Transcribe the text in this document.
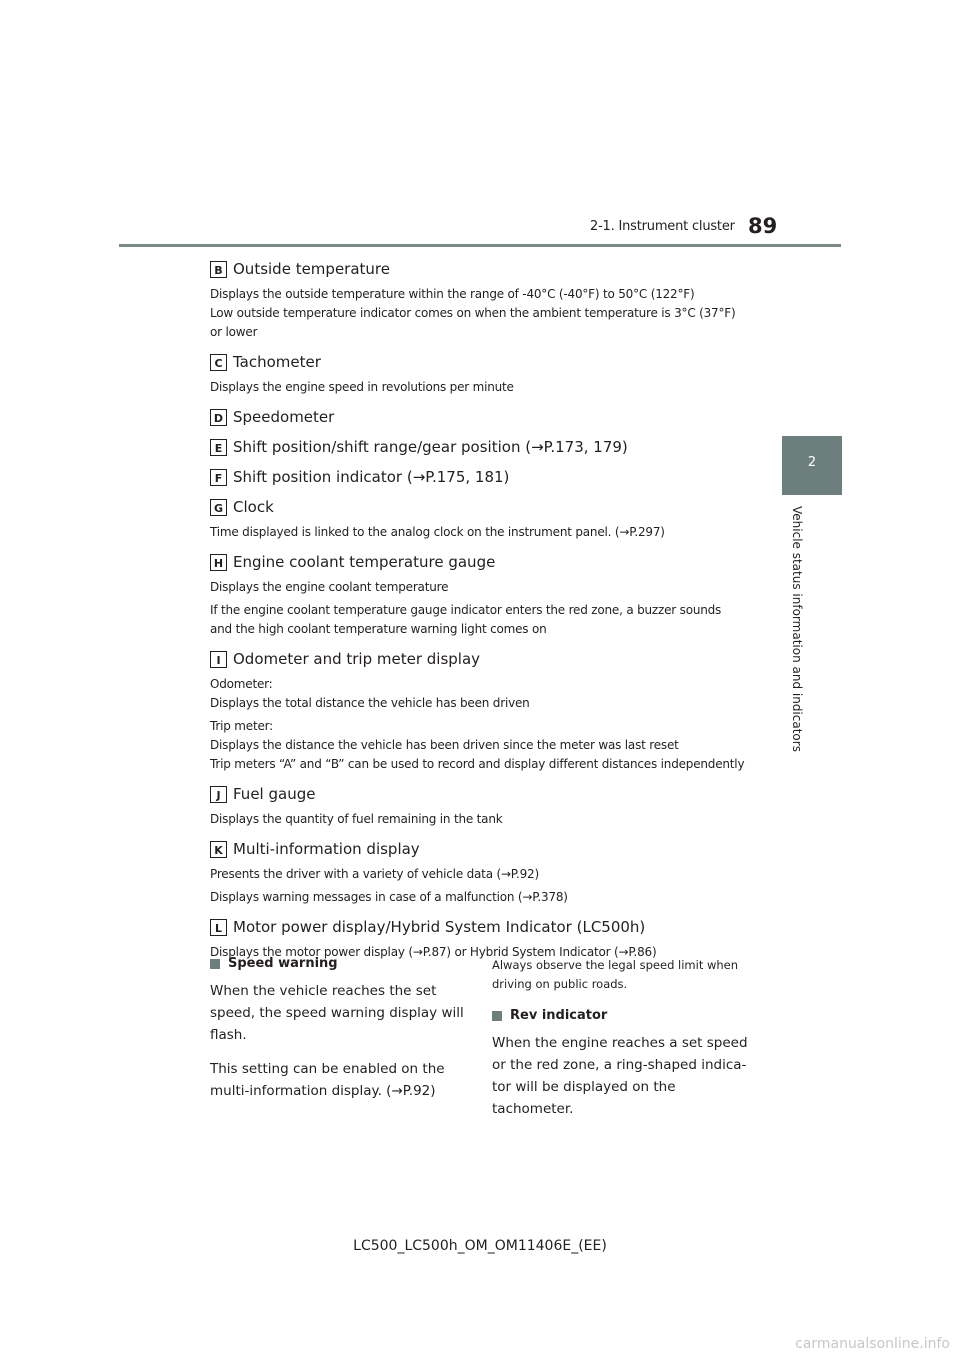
2-1. Instrument cluster 89
2
Vehicle status information and indicators
B Outside temperature

Displays the outside temperature within the range of -40°C (-40°F) to 50°C (122°F)

Low outside temperature indicator comes on when the ambient temperature is 3°C (37°F)

or lower

C Tachometer

Displays the engine speed in revolutions per minute

D Speedometer
E Shift position/shift range/gear position (→P.173, 179)
F Shift position indicator (→P.175, 181)
G Clock

Time displayed is linked to the analog clock on the instrument panel. (→P.297)

H Engine coolant temperature gauge

Displays the engine coolant temperature

If the engine coolant temperature gauge indicator enters the red zone, a buzzer sounds

and the high coolant temperature warning light comes on

I Odometer and trip meter display

Odometer:

Displays the total distance the vehicle has been driven

Trip meter:

Displays the distance the vehicle has been driven since the meter was last reset

Trip meters “A” and “B” can be used to record and display different distances independently

J Fuel gauge

Displays the quantity of fuel remaining in the tank

K Multi-information display

Presents the driver with a variety of vehicle data (→P.92)

Displays warning messages in case of a malfunction (→P.378)

L Motor power display/Hybrid System Indicator (LC500h)

Displays the motor power display (→P.87) or Hybrid System Indicator (→P.86)

Speed warning

When the vehicle reaches the set
speed, the speed warning display will
flash.

This setting can be enabled on the
multi-information display. (→P.92)

Always observe the legal speed limit when
driving on public roads.

Rev indicator

When the engine reaches a set speed
or the red zone, a ring-shaped indica-
tor will be displayed on the tachometer.

LC500_LC500h_OM_OM11406E_(EE)
carmanualsonline.info
